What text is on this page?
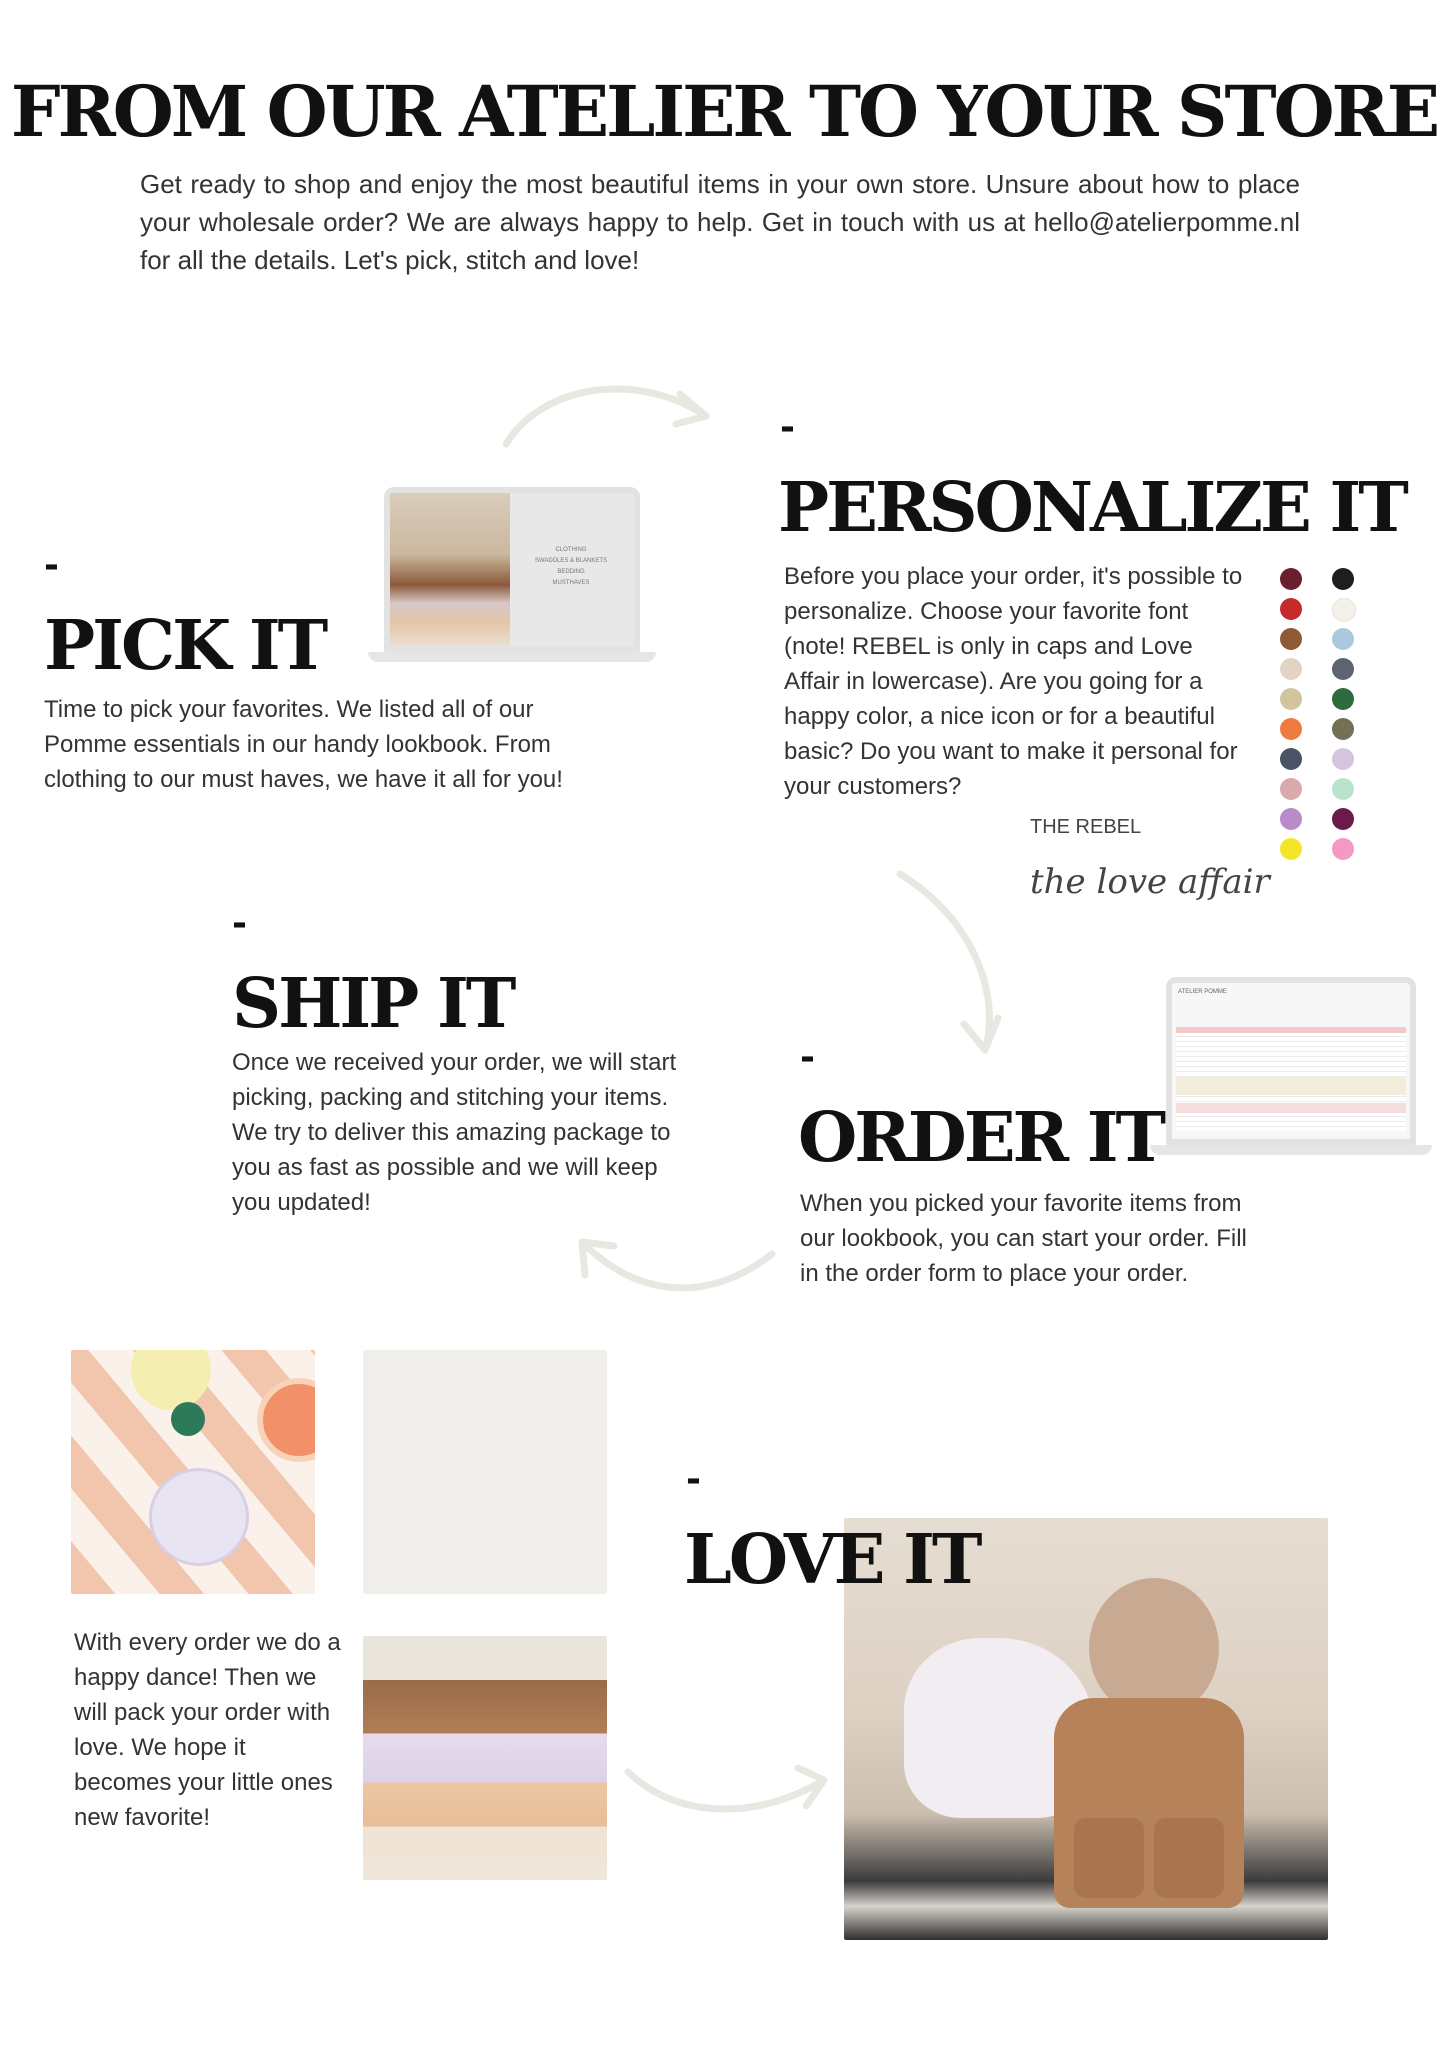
FROM OUR ATELIER TO YOUR STORE
Get ready to shop and enjoy the most beautiful items in your own store. Unsure about how to place your wholesale order? We are always happy to help. Get in touch with us at hello@atelierpomme.nl for all the details. Let's pick, stitch and love!
CLOTHING
SWADDLES & BLANKETS
BEDDING
MUSTHAVES
-
PICK IT
Time to pick your favorites. We listed all of our Pomme essentials in our handy lookbook. From clothing to our must haves, we have it all for you!
-
PERSONALIZE IT
Before you place your order, it's possible to personalize. Choose your favorite font (note! REBEL is only in caps and Love Affair in lowercase). Are you going for a happy color, a nice icon or for a beautiful basic? Do you want to make it personal for your customers?
THE REBEL
the love affair
-
SHIP IT
Once we received your order, we will start picking, packing and stitching your items. We try to deliver this amazing package to you as fast as possible and we will keep you updated!
ATELIER POMME
-
ORDER IT
When you picked your favorite items from our lookbook, you can start your order. Fill in the order form to place your order.
-
LOVE IT
With every order we do a happy dance! Then we will pack your order with love. We hope it becomes your little ones new favorite!
